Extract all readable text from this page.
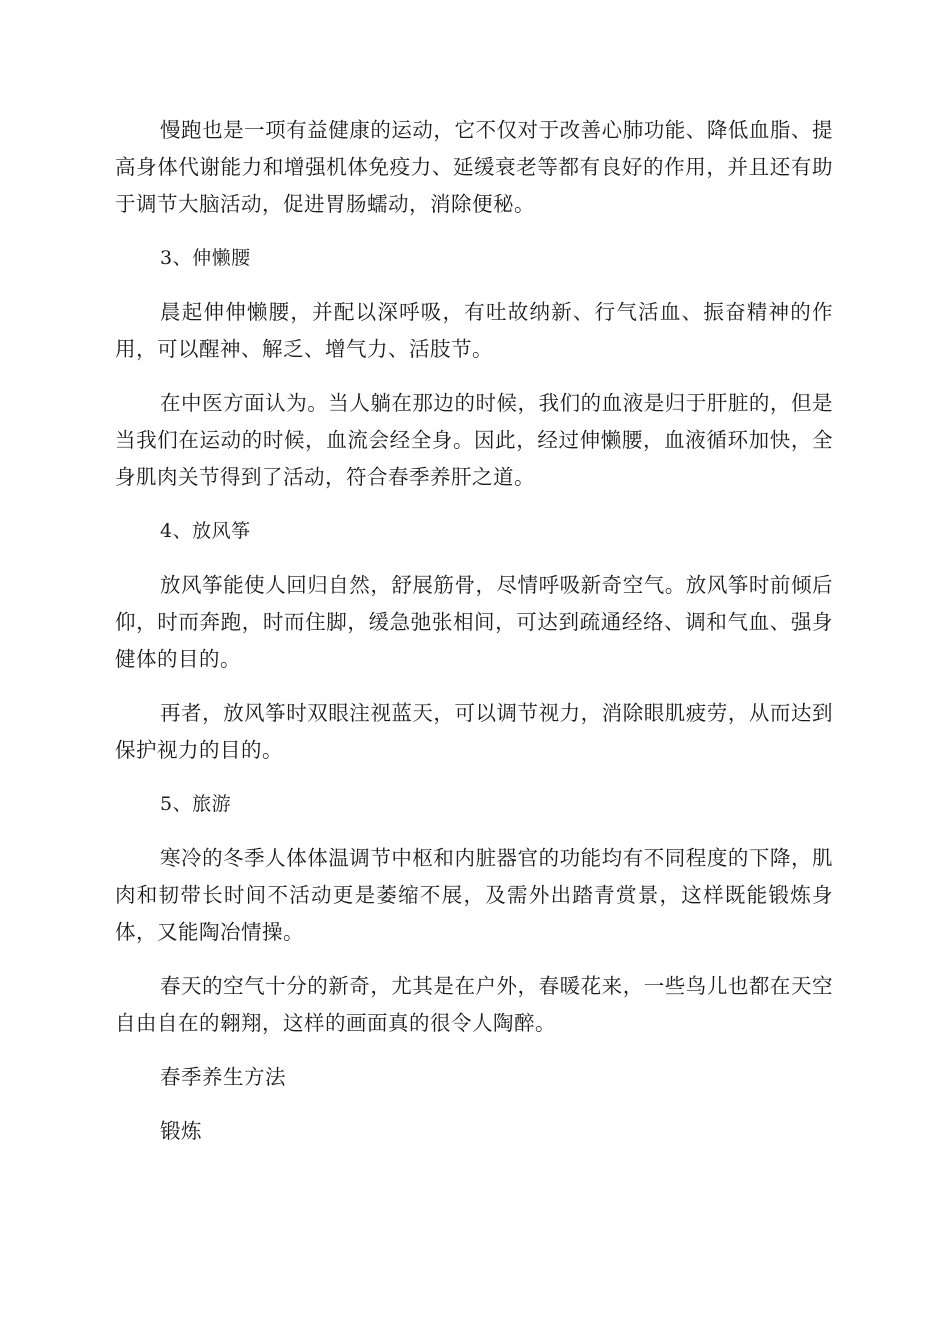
慢跑也是一项有益健康的运动，它不仅对于改善心肺功能、降低血脂、提高身体代谢能力和增强机体免疫力、延缓衰老等都有良好的作用，并且还有助于调节大脑活动，促进胃肠蠕动，消除便秘。

3、伸懒腰

晨起伸伸懒腰，并配以深呼吸，有吐故纳新、行气活血、振奋精神的作用，可以醒神、解乏、增气力、活肢节。

在中医方面认为。当人躺在那边的时候，我们的血液是归于肝脏的，但是当我们在运动的时候，血流会经全身。因此，经过伸懒腰，血液循环加快，全身肌肉关节得到了活动，符合春季养肝之道。

4、放风筝

放风筝能使人回归自然，舒展筋骨，尽情呼吸新奇空气。放风筝时前倾后仰，时而奔跑，时而住脚，缓急弛张相间，可达到疏通经络、调和气血、强身健体的目的。

再者，放风筝时双眼注视蓝天，可以调节视力，消除眼肌疲劳，从而达到保护视力的目的。

5、旅游

寒冷的冬季人体体温调节中枢和内脏器官的功能均有不同程度的下降，肌肉和韧带长时间不活动更是萎缩不展，及需外出踏青赏景，这样既能锻炼身体，又能陶冶情操。

春天的空气十分的新奇，尤其是在户外，春暖花来，一些鸟儿也都在天空自由自在的翱翔，这样的画面真的很令人陶醉。

春季养生方法

锻炼
